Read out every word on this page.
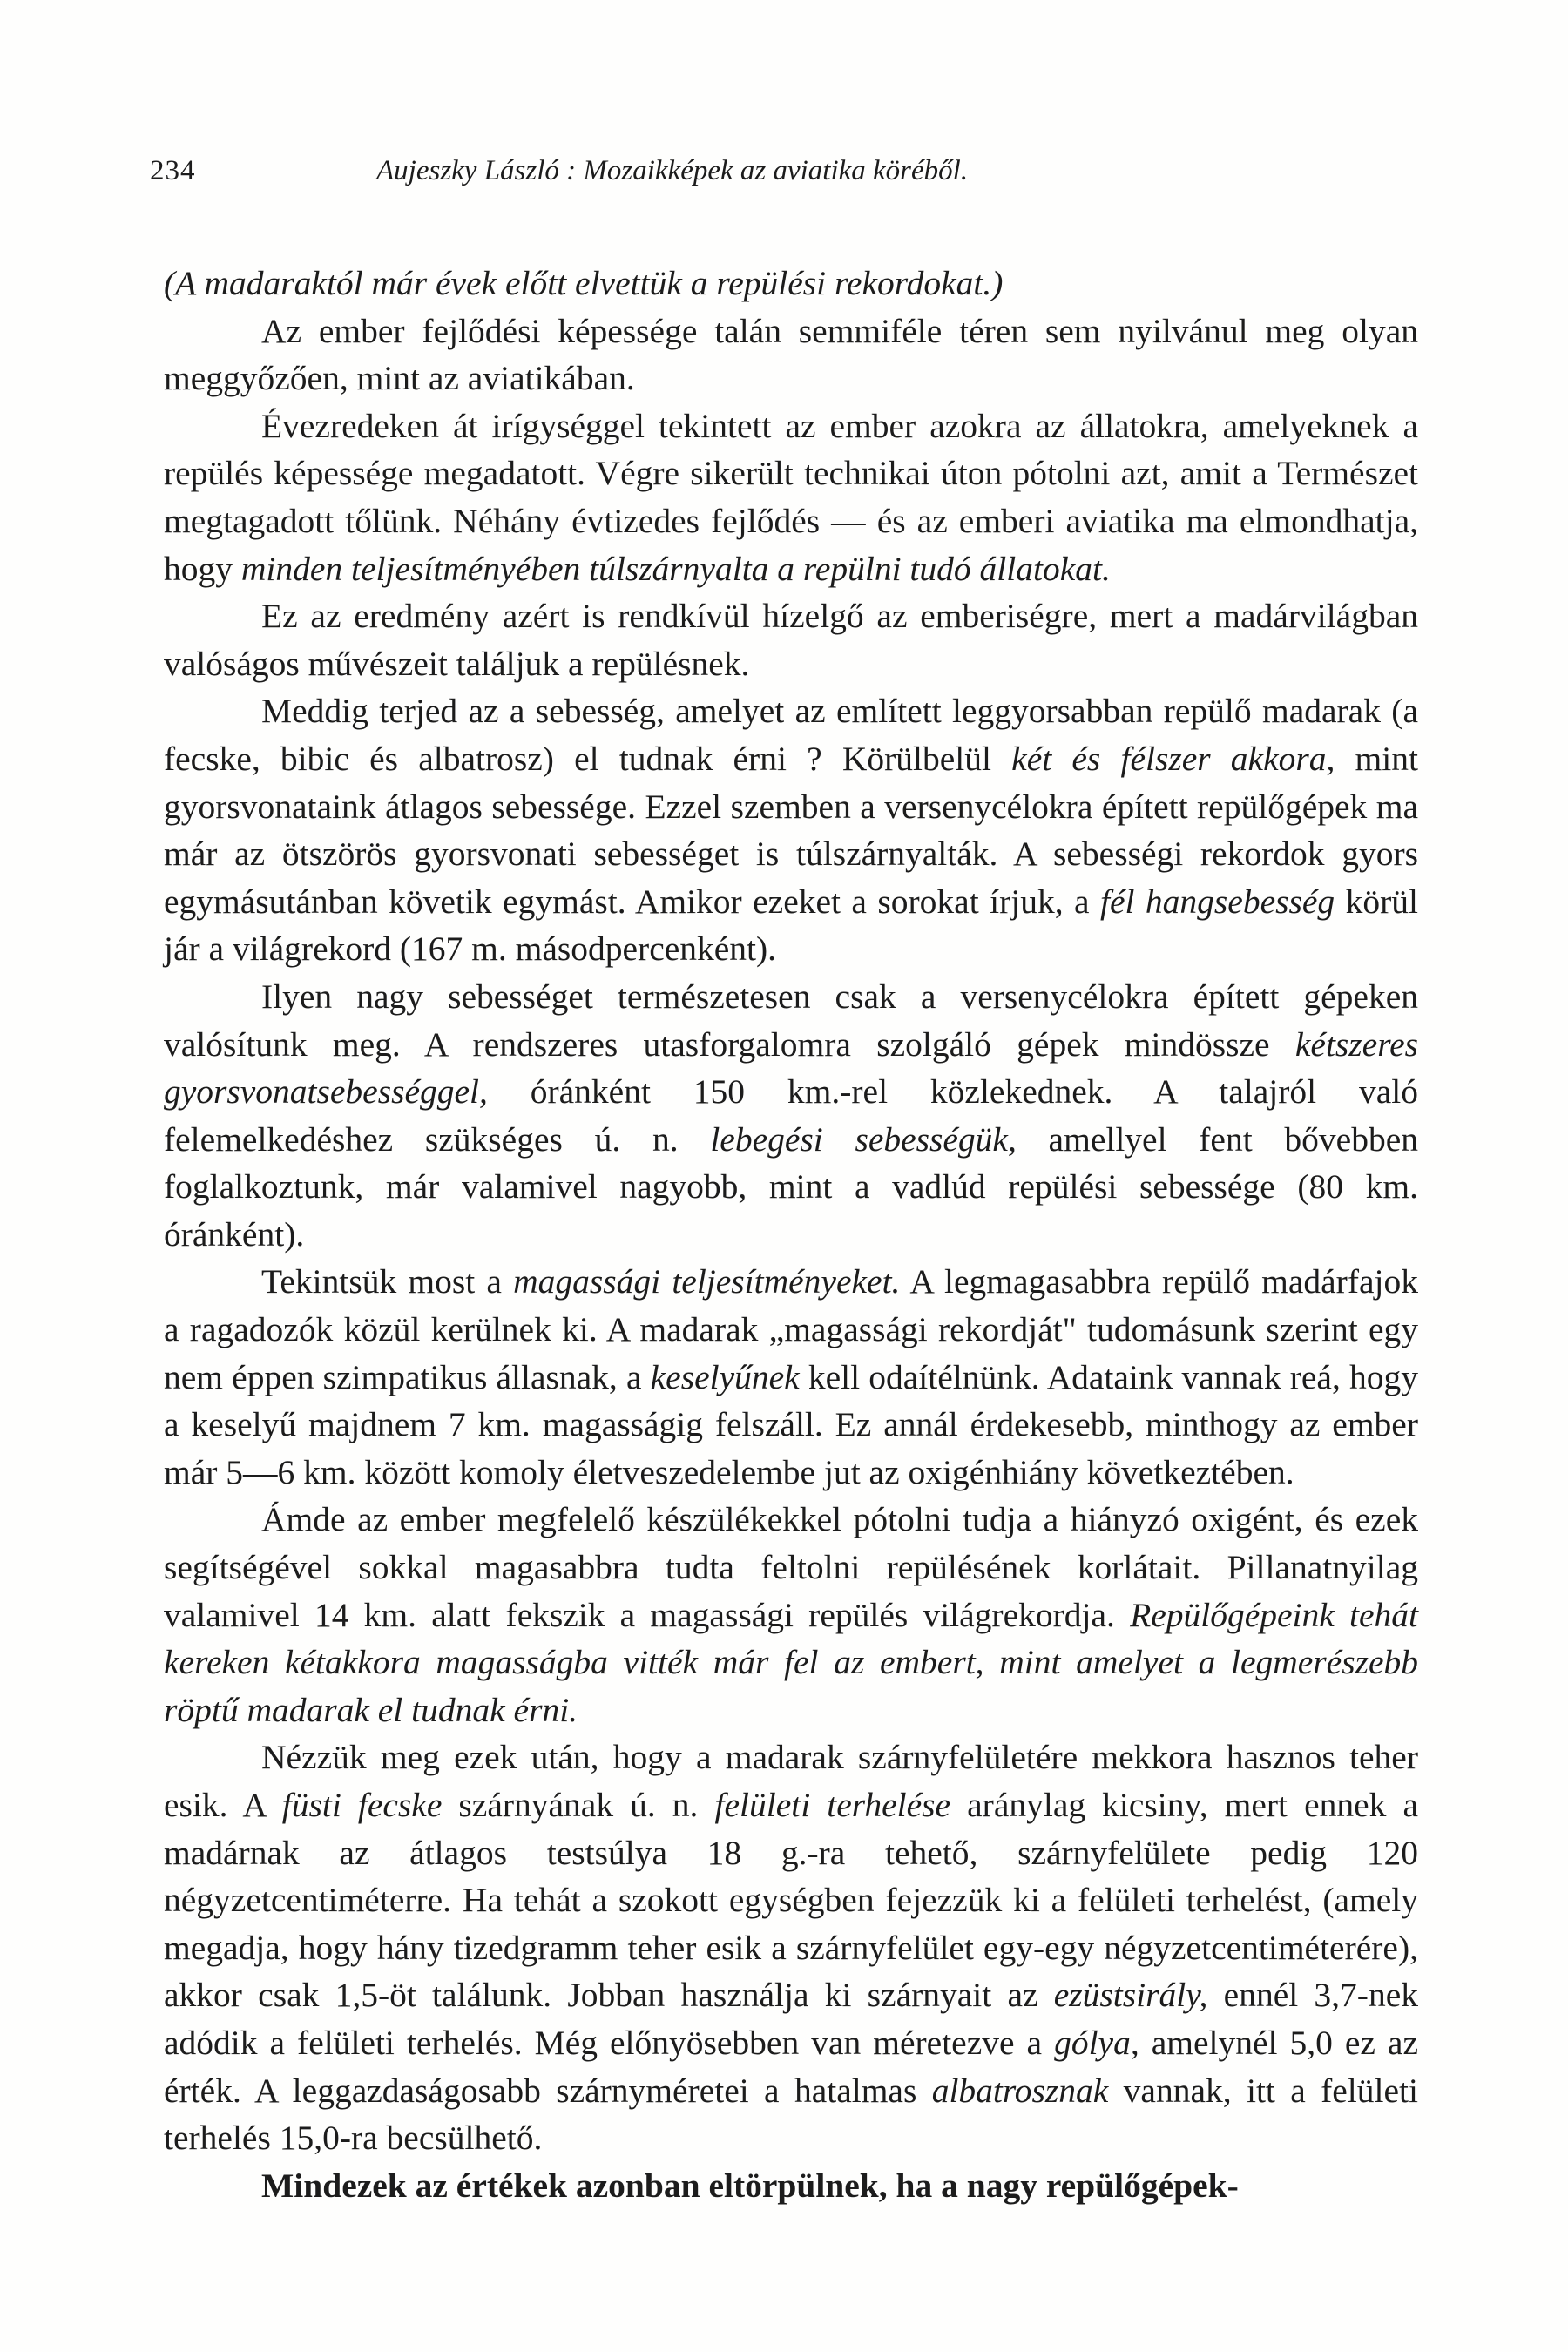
234	Aujeszky László : Mozaikképek az aviatika köréből.

(A madaraktól már évek előtt elvettük a repülési rekordokat.)

Az ember fejlődési képessége talán semmiféle téren sem nyilvánul meg olyan meggyőzően, mint az aviatikában.

Évezredeken át irígységgel tekintett az ember azokra az állatokra, amelyeknek a repülés képessége megadatott. Végre sikerült technikai úton pótolni azt, amit a Természet megtagadott tőlünk. Néhány évtizedes fejlődés — és az emberi aviatika ma elmondhatja, hogy minden teljesítményében túlszárnyalta a repülni tudó állatokat.

Ez az eredmény azért is rendkívül hízelgő az emberiségre, mert a madárvilágban valóságos művészeit találjuk a repülésnek.

Meddig terjed az a sebesség, amelyet az említett leggyorsabban repülő madarak (a fecske, bibic és albatrosz) el tudnak érni ? Körülbelül két és félszer akkora, mint gyorsvonataink átlagos sebessége. Ezzel szemben a versenycélokra épített repülőgépek ma már az ötszörös gyorsvonati sebességet is túlszárnyalták. A sebességi rekordok gyors egymásutánban követik egymást. Amikor ezeket a sorokat írjuk, a fél hangsebesség körül jár a világrekord (167 m. másodpercenként).

Ilyen nagy sebességet természetesen csak a versenycélokra épített gépeken valósítunk meg. A rendszeres utasforgalomra szolgáló gépek mindössze kétszeres gyorsvonatsebességgel, óránként 150 km.-rel közlekednek. A talajról való felemelkedéshez szükséges ú. n. lebegési sebességük, amellyel fent bővebben foglalkoztunk, már valamivel nagyobb, mint a vadlúd repülési sebessége (80 km. óránként).

Tekintsük most a magassági teljesítményeket. A legmagasabbra repülő madárfajok a ragadozók közül kerülnek ki. A madarak „magassági rekordját" tudomásunk szerint egy nem éppen szimpatikus állasnak, a keselyűnek kell odaítélnünk. Adataink vannak reá, hogy a keselyű majdnem 7 km. magasságig felszáll. Ez annál érdekesebb, minthogy az ember már 5—6 km. között komoly életveszedelembe jut az oxigénhiány következtében.

Ámde az ember megfelelő készülékekkel pótolni tudja a hiányzó oxigént, és ezek segítségével sokkal magasabbra tudta feltolni repülésének korlátait. Pillanatnyilag valamivel 14 km. alatt fekszik a magassági repülés világrekordja. Repülőgépeink tehát kereken kétakkora magasságba vitték már fel az embert, mint amelyet a legmerészebb röptű madarak el tudnak érni.

Nézzük meg ezek után, hogy a madarak szárnyfelületére mekkora hasznos teher esik. A füsti fecske szárnyának ú. n. felületi terhelése aránylag kicsiny, mert ennek a madárnak az átlagos testsúlya 18 g.-ra tehető, szárnyfelülete pedig 120 négyzetcentiméterre. Ha tehát a szokott egységben fejezzük ki a felületi terhelést, (amely megadja, hogy hány tizedgramm teher esik a szárnyfelület egy-egy négyzetcentiméterére), akkor csak 1,5-öt találunk. Jobban használja ki szárnyait az ezüstsirály, ennél 3,7-nek adódik a felületi terhelés. Még előnyösebben van méretezve a gólya, amelynél 5,0 ez az érték. A leggazdaságosabb szárnyméretei a hatalmas albatrosznak vannak, itt a felületi terhelés 15,0-ra becsülhető.

Mindezek az értékek azonban eltörpülnek, ha a nagy repülőgépek-
